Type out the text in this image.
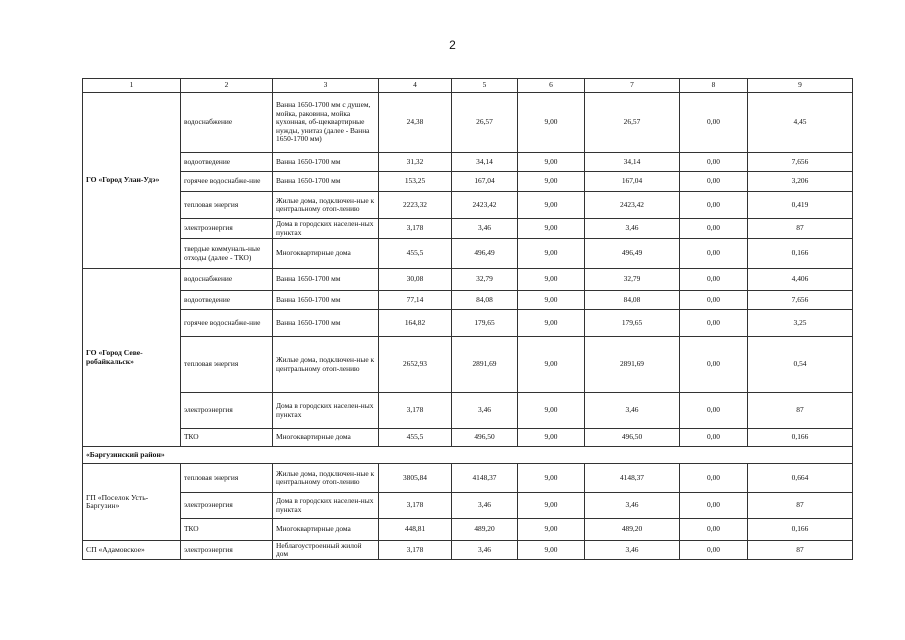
2
1	2	3	4	5	6	7	8	9
ГО «Город Улан-Удэ»	водоснабжение	Ванна 1650-1700 мм с душем, мойка, раковина, мойка кухонная, об-щеквартирные нужды, унитаз (далее - Ванна 1650-1700 мм)	24,38	26,57	9,00	26,57	0,00	4,45
	водоотведение	Ванна 1650-1700 мм	31,32	34,14	9,00	34,14	0,00	7,656
	горячее водоснабже-ние	Ванна 1650-1700 мм	153,25	167,04	9,00	167,04	0,00	3,206
	тепловая энергия	Жилые дома, подключен-ные к центральному отоп-лению	2223,32	2423,42	9,00	2423,42	0,00	0,419
	электроэнергия	Дома в городских населен-ных пунктах	3,178	3,46	9,00	3,46	0,00	87
	твердые коммуналь-ные отходы (далее - ТКО)	Многоквартирные дома	455,5	496,49	9,00	496,49	0,00	0,166
ГО «Город Севе-робайкальск»	водоснабжение	Ванна 1650-1700 мм	30,08	32,79	9,00	32,79	0,00	4,406
	водоотведение	Ванна 1650-1700 мм	77,14	84,08	9,00	84,08	0,00	7,656
	горячее водоснабже-ние	Ванна 1650-1700 мм	164,82	179,65	9,00	179,65	0,00	3,25
	тепловая энергия	Жилые дома, подключен-ные к центральному отоп-лению	2652,93	2891,69	9,00	2891,69	0,00	0,54
	электроэнергия	Дома в городских населен-ных пунктах	3,178	3,46	9,00	3,46	0,00	87
	ТКО	Многоквартирные дома	455,5	496,50	9,00	496,50	0,00	0,166
«Баргузинский район»								
ГП «Поселок Усть-Баргузин»	тепловая энергия	Жилые дома, подключен-ные к центральному отоп-лению	3805,84	4148,37	9,00	4148,37	0,00	0,664
	электроэнергия	Дома в городских населен-ных пунктах	3,178	3,46	9,00	3,46	0,00	87
	ТКО	Многоквартирные дома	448,81	489,20	9,00	489,20	0,00	0,166
СП «Адамовское»	электроэнергия	Неблагоустроенный жилой дом	3,178	3,46	9,00	3,46	0,00	87
